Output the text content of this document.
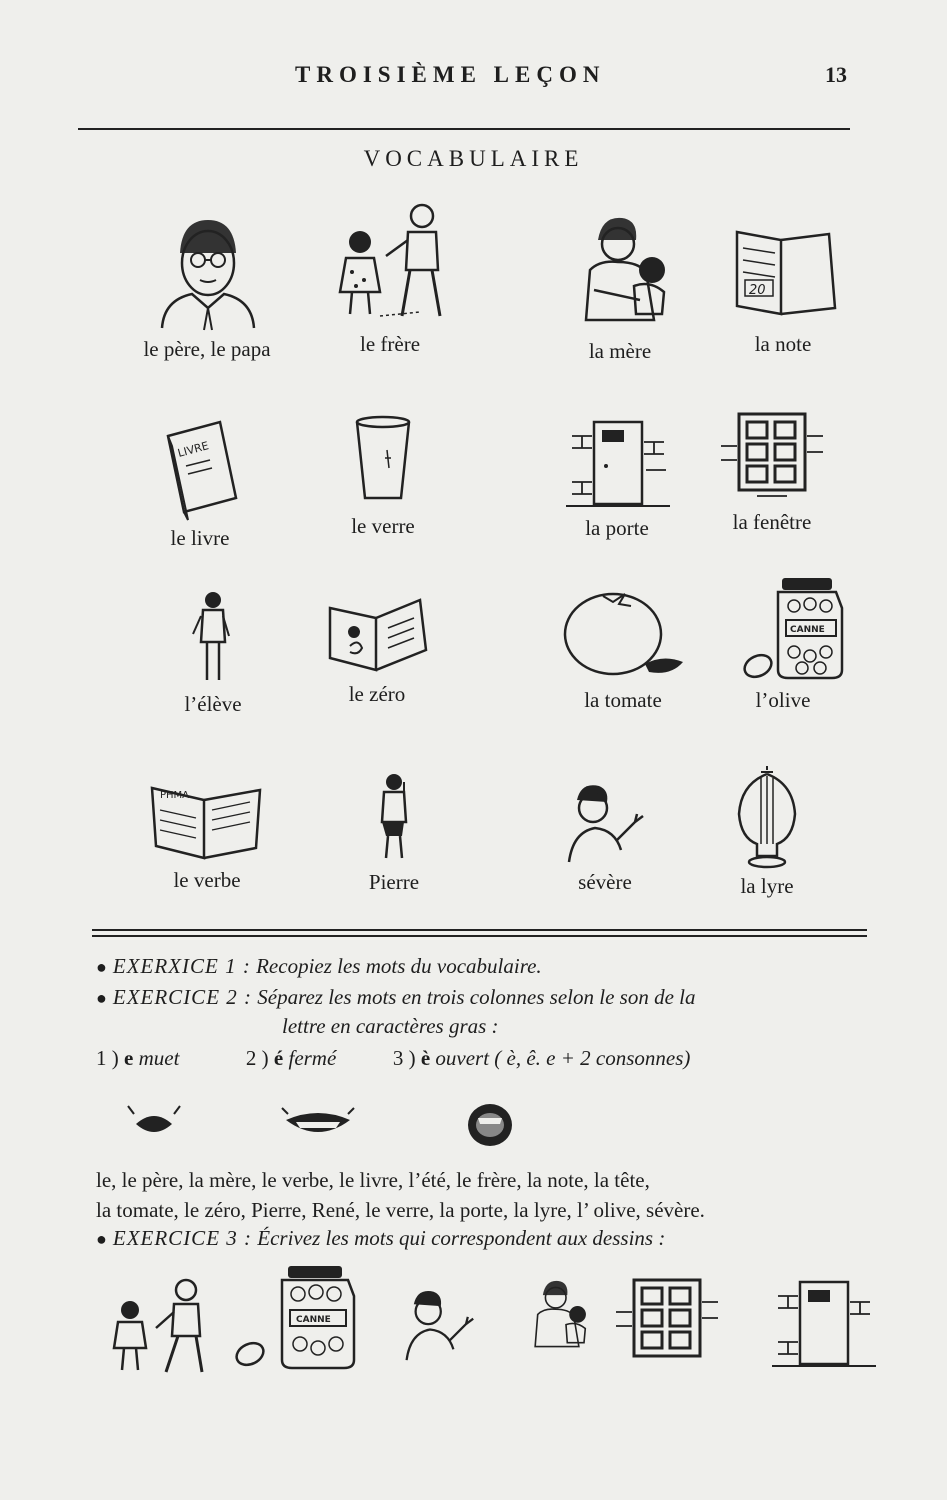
TROISIÈME LEÇON	13
VOCABULAIRE
le père, le papa	le frère	la mère
20
la note
LIVRE
le livre	le verre	la porte	la fenêtre
l’élève	le zéro	la tomate
CANNE
l’olive
PHMA
le verbe	Pierre	sévère	la lyre
● EXERXICE 1 : Recopiez les mots du vocabulaire.
● EXERCICE 2 : Séparez les mots en trois colonnes selon le son de la
lettre en caractères gras :
1 ) e muet	2 ) é fermé	3 ) è ouvert ( è, ê. e + 2 consonnes)
le, le père, la mère, le verbe, le livre, l’été, le frère, la note, la tête,
la tomate, le zéro, Pierre, René, le verre, la porte, la lyre, l’ olive, sévère.
● EXERCICE 3 : Écrivez les mots qui correspondent aux dessins :
CANNE
